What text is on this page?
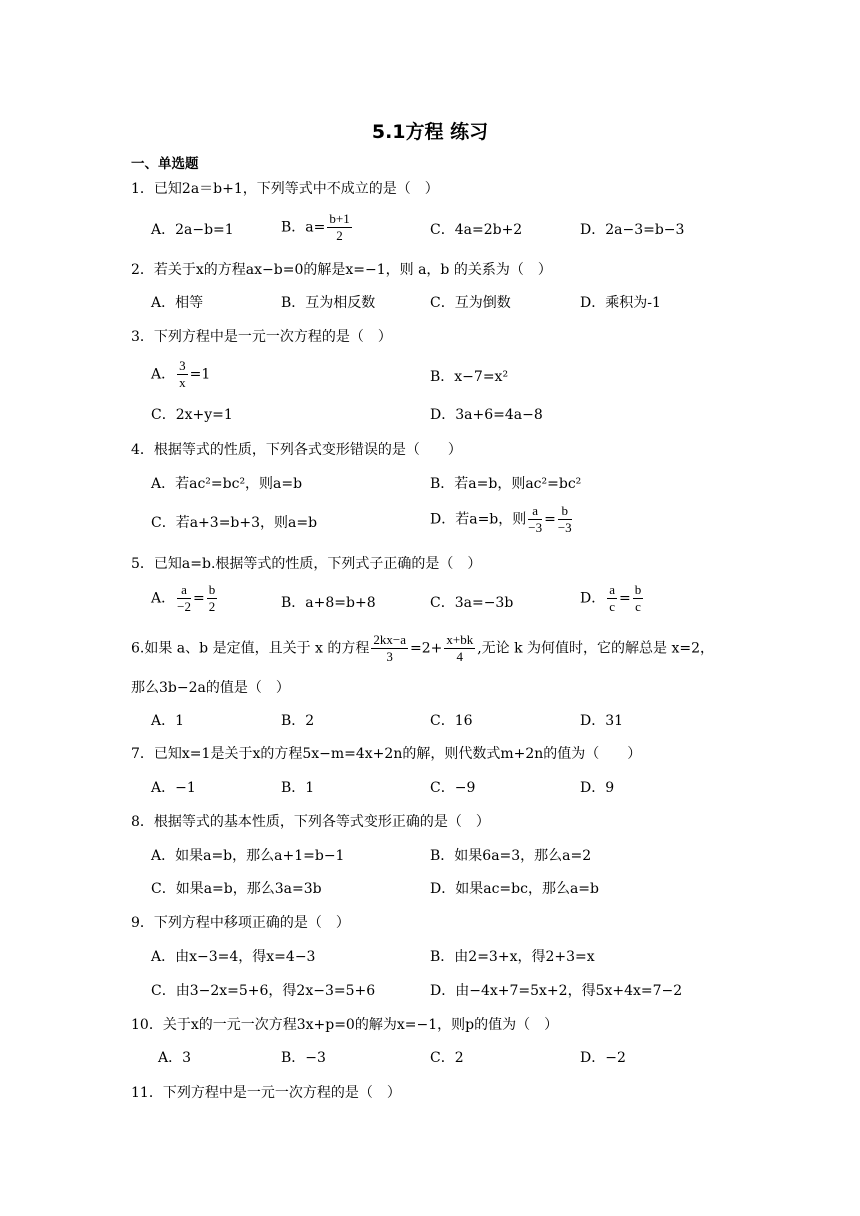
5.1方程 练习
一、单选题
1．已知2a＝b+1，下列等式中不成立的是（　）
A．2a−b=1	B．$a= \frac{b+1}{2}$	C．4a=2b+2	D．2a−3=b−3
2．若关于x的方程ax−b=0的解是x=−1，则 a，b 的关系为（　）
A．相等	B．互为相反数	C．互为倒数	D．乘积为-1
3．下列方程中是一元一次方程的是（　）
A． $\frac{3}{x} =1$	B．x−7=x²
C．2x+y=1	D．3a+6=4a−8
4．根据等式的性质，下列各式变形错误的是（　　）
A．若ac²=bc²，则a=b	B．若a=b，则ac²=bc²
C．若a+3=b+3，则a=b	D．若a=b，则 $\frac{a}{-3} = \frac{b}{-3}$
5．已知a=b.根据等式的性质，下列式子正确的是（　）
A． $\frac{a}{-2} = \frac{b}{2}$	B．a+8=b+8	C．3a=−3b	D． $\frac{a}{c} = \frac{b}{c}$
6.如果 a、b 是定值，且关于 x 的方程 $\frac{2kx-a}{3} =2+ \frac{x+bk}{4}$ ,无论 k 为何值时，它的解总是 x=2，
那么3b−2a的值是（　）
A．1	B．2	C．16	D．31
7．已知x=1是关于x的方程5x−m=4x+2n的解，则代数式m+2n的值为（　　）
A．−1	B．1	C．−9	D．9
8．根据等式的基本性质，下列各等式变形正确的是（　）
A．如果a=b，那么a+1=b−1	B．如果6a=3，那么a=2
C．如果a=b，那么3a=3b	D．如果ac=bc，那么a=b
9．下列方程中移项正确的是（　）
A．由x−3=4，得x=4−3	B．由2=3+x，得2+3=x
C．由3−2x=5+6，得2x−3=5+6	D．由−4x+7=5x+2，得5x+4x=7−2
10．关于x的一元一次方程3x+p=0的解为x=−1，则p的值为（　）
A．3	B．−3	C．2	D．−2
11．下列方程中是一元一次方程的是（　）
